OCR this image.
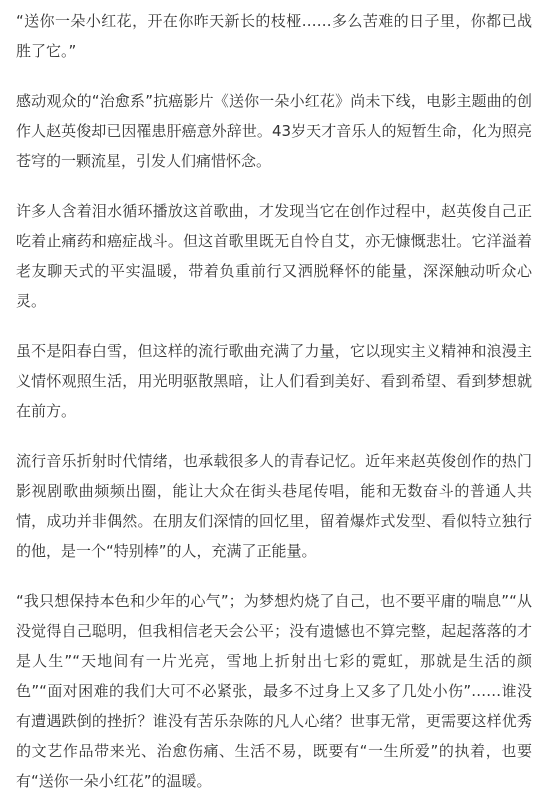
“送你一朵小红花，开在你昨天新长的枝桠……多么苦难的日子里，你都已战胜了它。”

感动观众的“治愈系”抗癌影片《送你一朵小红花》尚未下线，电影主题曲的创作人赵英俊却已因罹患肝癌意外辞世。43岁天才音乐人的短暂生命，化为照亮苍穹的一颗流星，引发人们痛惜怀念。

许多人含着泪水循环播放这首歌曲，才发现当它在创作过程中，赵英俊自己正吃着止痛药和癌症战斗。但这首歌里既无自怜自艾，亦无慷慨悲壮。它洋溢着老友聊天式的平实温暖，带着负重前行又洒脱释怀的能量，深深触动听众心灵。

虽不是阳春白雪，但这样的流行歌曲充满了力量，它以现实主义精神和浪漫主义情怀观照生活，用光明驱散黑暗，让人们看到美好、看到希望、看到梦想就在前方。

流行音乐折射时代情绪，也承载很多人的青春记忆。近年来赵英俊创作的热门影视剧歌曲频频出圈，能让大众在街头巷尾传唱，能和无数奋斗的普通人共情，成功并非偶然。在朋友们深情的回忆里，留着爆炸式发型、看似特立独行的他，是一个“特别棒”的人，充满了正能量。

“我只想保持本色和少年的心气”；为梦想灼烧了自己，也不要平庸的喘息”“从没觉得自己聪明，但我相信老天会公平；没有遗憾也不算完整，起起落落的才是人生”“天地间有一片光亮，雪地上折射出七彩的霓虹，那就是生活的颜色”“面对困难的我们大可不必紧张，最多不过身上又多了几处小伤”……谁没有遭遇跌倒的挫折？谁没有苦乐杂陈的凡人心绪？世事无常，更需要这样优秀的文艺作品带来光、治愈伤痛、生活不易，既要有“一生所爱”的执着，也要有“送你一朵小红花”的温暖。
